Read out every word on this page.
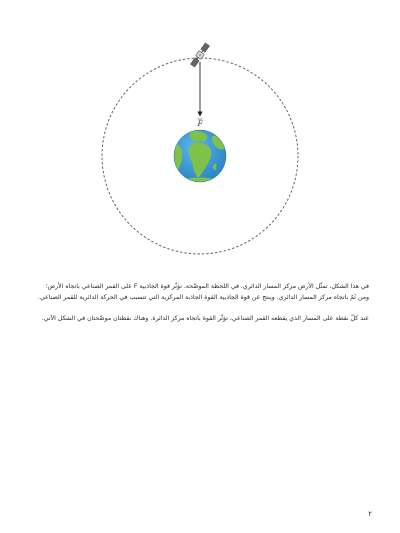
F

في هذا الشكل، تمثّل الأرض مركز المسار الدائري. في اللحظة الموضّحة، تؤثّر قوة الجاذبية F على القمر الصناعي باتجاه الأرض؛ ومن ثَمّ باتجاه مركز المسار الدائري. وينتج عن قوة الجاذبية القوة الجاذبة المركزية التي تتسبب في الحركة الدائرية للقمر الصناعي.

عند كلّ نقطة على المسار الذي يقطعه القمر الصناعي، تؤثّر القوة باتجاه مركز الدائرة. وهناك نقطتان موضّحتان في الشكل الآتي.

٢
